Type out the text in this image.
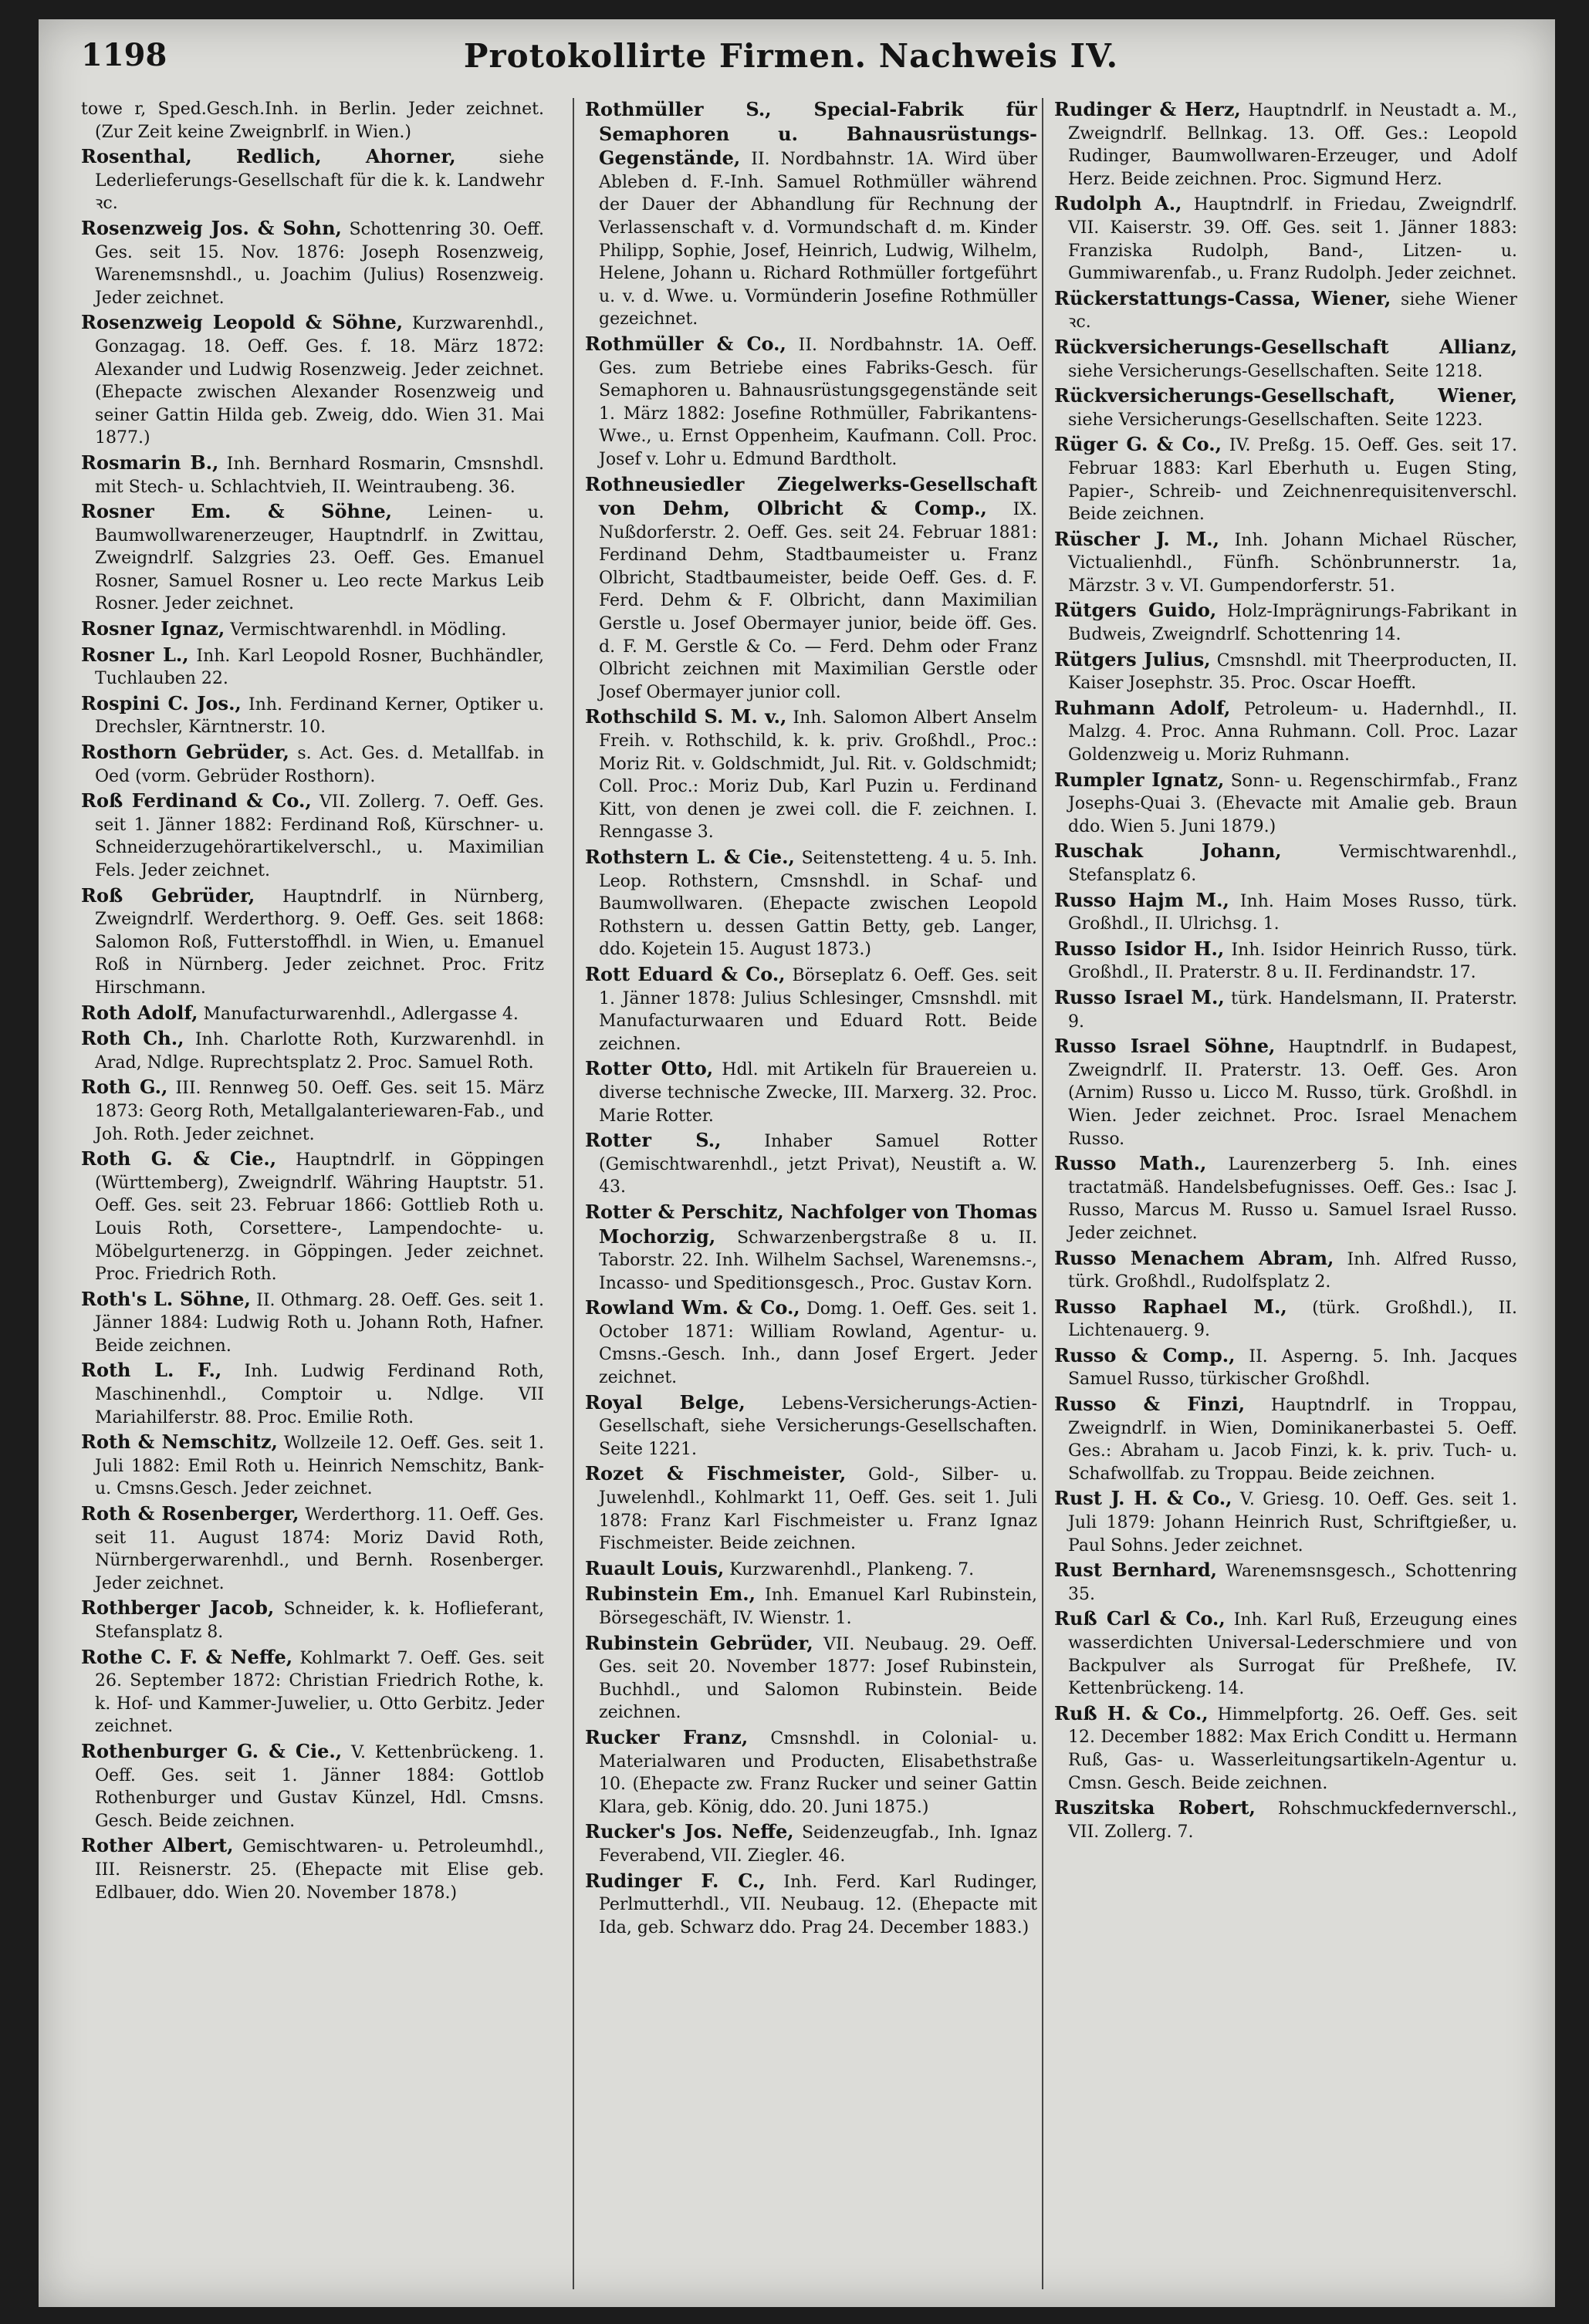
1198	Protokollirte Firmen. Nachweis IV.
towe r, Sped.Gesch.Inh. in Berlin. Jeder zeichnet. (Zur Zeit keine Zweignbrlf. in Wien.)
Rosenthal, Redlich, Ahorner,	siehe Lederlieferungs-Gesellschaft für die k. k. Landwehr ꝛc.
Rosenzweig Jos. & Sohn, Schottenring 30. Oeff. Ges. seit 15. Nov. 1876: Joseph Rosenzweig, Warenemsnshdl., u. Joachim (Julius) Rosenzweig. Jeder zeichnet.
Rosenzweig Leopold & Söhne, Kurzwarenhdl., Gonzagag. 18. Oeff. Ges. f. 18. März 1872: Alexander und Ludwig Rosenzweig. Jeder zeichnet. (Ehepacte zwischen Alexander Rosenzweig und seiner Gattin Hilda geb. Zweig, ddo. Wien 31. Mai 1877.)
Rosmarin B., Inh. Bernhard Rosmarin, Cmsnshdl. mit Stech- u. Schlachtvieh, II. Weintraubeng. 36.
Rosner Em. & Söhne, Leinen- u. Baumwollwarenerzeuger, Hauptndrlf. in Zwittau, Zweigndrlf. Salzgries 23. Oeff. Ges. Emanuel Rosner, Samuel Rosner u. Leo recte Markus Leib Rosner. Jeder zeichnet.
Rosner Ignaz, Vermischtwarenhdl. in Mödling.
Rosner L., Inh. Karl Leopold Rosner, Buchhändler, Tuchlauben 22.
Rospini C. Jos., Inh. Ferdinand Kerner, Optiker u. Drechsler, Kärntnerstr. 10.
Rosthorn Gebrüder, s. Act. Ges. d. Metallfab. in Oed (vorm. Gebrüder Rosthorn).
Roß Ferdinand & Co., VII. Zollerg. 7. Oeff. Ges. seit 1. Jänner 1882: Ferdinand Roß, Kürschner- u. Schneiderzugehörartikelverschl., u. Maximilian Fels. Jeder zeichnet.
Roß Gebrüder, Hauptndrlf. in Nürnberg, Zweigndrlf. Werderthorg. 9. Oeff. Ges. seit 1868: Salomon Roß, Futterstoffhdl. in Wien, u. Emanuel Roß in Nürnberg. Jeder zeichnet. Proc. Fritz Hirschmann.
Roth Adolf, Manufacturwarenhdl., Adlergasse 4.
Roth Ch., Inh. Charlotte Roth, Kurzwarenhdl. in Arad, Ndlge. Ruprechtsplatz 2. Proc. Samuel Roth.
Roth G., III. Rennweg 50. Oeff. Ges. seit 15. März 1873: Georg Roth, Metallgalanteriewaren-Fab., und Joh. Roth. Jeder zeichnet.
Roth G. & Cie., Hauptndrlf. in Göppingen (Württemberg), Zweigndrlf. Währing Hauptstr. 51. Oeff. Ges. seit 23. Februar 1866: Gottlieb Roth u. Louis Roth, Corsettere-, Lampendochte- u. Möbelgurtenerzg. in Göppingen. Jeder zeichnet. Proc. Friedrich Roth.
Roth's L. Söhne, II. Othmarg. 28. Oeff. Ges. seit 1. Jänner 1884: Ludwig Roth u. Johann Roth, Hafner. Beide zeichnen.
Roth L. F., Inh. Ludwig Ferdinand Roth, Maschinenhdl., Comptoir u. Ndlge. VII Mariahilferstr. 88. Proc. Emilie Roth.
Roth & Nemschitz, Wollzeile 12. Oeff. Ges. seit 1. Juli 1882: Emil Roth u. Heinrich Nemschitz, Bank- u. Cmsns.Gesch. Jeder zeichnet.
Roth & Rosenberger, Werderthorg. 11. Oeff. Ges. seit 11. August 1874: Moriz David Roth, Nürnbergerwarenhdl., und Bernh. Rosenberger. Jeder zeichnet.
Rothberger Jacob, Schneider, k. k. Hoflieferant, Stefansplatz 8.
Rothe C. F. & Neffe, Kohlmarkt 7. Oeff. Ges. seit 26. September 1872: Christian Friedrich Rothe, k. k. Hof- und Kammer-Juwelier, u. Otto Gerbitz. Jeder zeichnet.
Rothenburger G. & Cie., V. Kettenbrückeng. 1. Oeff. Ges. seit 1. Jänner 1884: Gottlob Rothenburger und Gustav Künzel, Hdl. Cmsns. Gesch. Beide zeichnen.
Rother Albert, Gemischtwaren- u. Petroleumhdl., III. Reisnerstr. 25. (Ehepacte mit Elise geb. Edlbauer, ddo. Wien 20. November 1878.)
Rothmüller S., Special-Fabrik für Semaphoren u. Bahnausrüstungs-Gegenstände, II. Nordbahnstr. 1A. Wird über Ableben d. F.-Inh. Samuel Rothmüller während der Dauer der Abhandlung für Rechnung der Verlassenschaft v. d. Vormundschaft d. m. Kinder Philipp, Sophie, Josef, Heinrich, Ludwig, Wilhelm, Helene, Johann u. Richard Rothmüller fortgeführt u. v. d. Wwe. u. Vormünderin Josefine Rothmüller gezeichnet.
Rothmüller & Co., II. Nordbahnstr. 1A. Oeff. Ges. zum Betriebe eines Fabriks-Gesch. für Semaphoren u. Bahnausrüstungsgegenstände seit 1. März 1882: Josefine Rothmüller, Fabrikantens-Wwe., u. Ernst Oppenheim, Kaufmann. Coll. Proc. Josef v. Lohr u. Edmund Bardtholt.
Rothneusiedler Ziegelwerks-Gesellschaft von Dehm, Olbricht & Comp., IX. Nußdorferstr. 2. Oeff. Ges. seit 24. Februar 1881: Ferdinand Dehm, Stadtbaumeister u. Franz Olbricht, Stadtbaumeister, beide Oeff. Ges. d. F. Ferd. Dehm & F. Olbricht, dann Maximilian Gerstle u. Josef Obermayer junior, beide öff. Ges. d. F. M. Gerstle & Co. — Ferd. Dehm oder Franz Olbricht zeichnen mit Maximilian Gerstle oder Josef Obermayer junior coll.
Rothschild S. M. v., Inh. Salomon Albert Anselm Freih. v. Rothschild, k. k. priv. Großhdl., Proc.: Moriz Rit. v. Goldschmidt, Jul. Rit. v. Goldschmidt; Coll. Proc.: Moriz Dub, Karl Puzin u. Ferdinand Kitt, von denen je zwei coll. die F. zeichnen. I. Renngasse 3.
Rothstern L. & Cie., Seitenstetteng. 4 u. 5. Inh. Leop. Rothstern, Cmsnshdl. in Schaf- und Baumwollwaren. (Ehepacte zwischen Leopold Rothstern u. dessen Gattin Betty, geb. Langer, ddo. Kojetein 15. August 1873.)
Rott Eduard & Co., Börseplatz 6. Oeff. Ges. seit 1. Jänner 1878: Julius Schlesinger, Cmsnshdl. mit Manufacturwaaren und Eduard Rott. Beide zeichnen.
Rotter Otto, Hdl. mit Artikeln für Brauereien u. diverse technische Zwecke, III. Marxerg. 32. Proc. Marie Rotter.
Rotter S.,	Inhaber Samuel Rotter (Gemischtwarenhdl., jetzt Privat), Neustift a. W. 43.
Rotter & Perschitz, Nachfolger von Thomas Mochorzig, Schwarzenbergstraße 8 u. II. Taborstr. 22. Inh. Wilhelm Sachsel, Warenemsns.-, Incasso- und Speditionsgesch., Proc. Gustav Korn.
Rowland Wm. & Co., Domg. 1. Oeff. Ges. seit 1. October 1871: William Rowland, Agentur- u. Cmsns.-Gesch. Inh., dann Josef Ergert. Jeder zeichnet.
Royal Belge, Lebens-Versicherungs-Actien-Gesellschaft, siehe Versicherungs-Gesellschaften. Seite 1221.
Rozet & Fischmeister, Gold-, Silber- u. Juwelenhdl., Kohlmarkt 11, Oeff. Ges. seit 1. Juli 1878: Franz Karl Fischmeister u. Franz Ignaz Fischmeister. Beide zeichnen.
Ruault Louis, Kurzwarenhdl., Plankeng. 7.
Rubinstein Em., Inh. Emanuel Karl Rubinstein, Börsegeschäft, IV. Wienstr. 1.
Rubinstein Gebrüder, VII. Neubaug. 29. Oeff. Ges. seit 20. November 1877: Josef Rubinstein, Buchhdl., und Salomon Rubinstein. Beide zeichnen.
Rucker Franz, Cmsnshdl. in Colonial- u. Materialwaren und Producten, Elisabethstraße 10. (Ehepacte zw. Franz Rucker und seiner Gattin Klara, geb. König, ddo. 20. Juni 1875.)
Rucker's Jos. Neffe, Seidenzeugfab., Inh. Ignaz Feverabend, VII. Ziegler. 46.
Rudinger F. C., Inh. Ferd. Karl Rudinger, Perlmutterhdl., VII. Neubaug. 12. (Ehepacte mit Ida, geb. Schwarz ddo. Prag 24. December 1883.)
Rudinger & Herz, Hauptndrlf. in Neustadt a. M., Zweigndrlf. Bellnkag. 13. Off. Ges.: Leopold Rudinger, Baumwollwaren-Erzeuger, und Adolf Herz. Beide zeichnen. Proc. Sigmund Herz.
Rudolph A., Hauptndrlf. in Friedau, Zweigndrlf. VII. Kaiserstr. 39. Off. Ges. seit 1. Jänner 1883: Franziska Rudolph, Band-, Litzen- u. Gummiwarenfab., u. Franz Rudolph. Jeder zeichnet.
Rückerstattungs-Cassa, Wiener, siehe Wiener ꝛc.
Rückversicherungs-Gesellschaft Allianz, siehe Versicherungs-Gesellschaften. Seite 1218.
Rückversicherungs-Gesellschaft, Wiener, siehe Versicherungs-Gesellschaften. Seite 1223.
Rüger G. & Co., IV. Preßg. 15. Oeff. Ges. seit 17. Februar 1883: Karl Eberhuth u. Eugen Sting, Papier-, Schreib- und Zeichnenrequisitenverschl. Beide zeichnen.
Rüscher J. M., Inh. Johann Michael Rüscher, Victualienhdl., Fünfh. Schönbrunnerstr. 1a, Märzstr. 3 v. VI. Gumpendorferstr. 51.
Rütgers Guido, Holz-Imprägnirungs-Fabrikant in Budweis, Zweigndrlf. Schottenring 14.
Rütgers Julius, Cmsnshdl. mit Theerproducten, II. Kaiser Josephstr. 35. Proc. Oscar Hoefft.
Ruhmann Adolf, Petroleum- u. Hadernhdl., II. Malzg. 4. Proc. Anna Ruhmann. Coll. Proc. Lazar Goldenzweig u. Moriz Ruhmann.
Rumpler Ignatz, Sonn- u. Regenschirmfab., Franz Josephs-Quai 3. (Ehevacte mit Amalie geb. Braun ddo. Wien 5. Juni 1879.)
Ruschak Johann,	Vermischtwarenhdl., Stefansplatz 6.
Russo Hajm M., Inh. Haim Moses Russo, türk. Großhdl., II. Ulrichsg. 1.
Russo Isidor H., Inh. Isidor Heinrich Russo, türk. Großhdl., II. Praterstr. 8 u. II. Ferdinandstr. 17.
Russo Israel M., türk. Handelsmann, II. Praterstr. 9.
Russo Israel Söhne, Hauptndrlf. in Budapest, Zweigndrlf. II. Praterstr. 13. Oeff. Ges. Aron (Arnim) Russo u. Licco M. Russo, türk. Großhdl. in Wien. Jeder zeichnet. Proc. Israel Menachem Russo.
Russo Math., Laurenzerberg 5. Inh. eines tractatmäß. Handelsbefugnisses. Oeff. Ges.: Isac J. Russo, Marcus M. Russo u. Samuel Israel Russo. Jeder zeichnet.
Russo Menachem Abram, Inh. Alfred Russo, türk. Großhdl., Rudolfsplatz 2.
Russo Raphael M., (türk. Großhdl.), II. Lichtenauerg. 9.
Russo & Comp., II. Asperng. 5. Inh. Jacques Samuel Russo, türkischer Großhdl.
Russo & Finzi, Hauptndrlf. in Troppau, Zweigndrlf. in Wien, Dominikanerbastei 5. Oeff. Ges.: Abraham u. Jacob Finzi, k. k. priv. Tuch- u. Schafwollfab. zu Troppau. Beide zeichnen.
Rust J. H. & Co., V. Griesg. 10. Oeff. Ges. seit 1. Juli 1879: Johann Heinrich Rust, Schriftgießer, u. Paul Sohns. Jeder zeichnet.
Rust Bernhard, Warenemsnsgesch., Schottenring 35.
Ruß Carl & Co., Inh. Karl Ruß, Erzeugung eines wasserdichten Universal-Lederschmiere und von Backpulver als Surrogat für Preßhefe, IV. Kettenbrückeng. 14.
Ruß H. & Co., Himmelpfortg. 26. Oeff. Ges. seit 12. December 1882: Max Erich Conditt u. Hermann Ruß, Gas- u. Wasserleitungsartikeln-Agentur u. Cmsn. Gesch. Beide zeichnen.
Ruszitska Robert, Rohschmuckfedernverschl., VII. Zollerg. 7.
